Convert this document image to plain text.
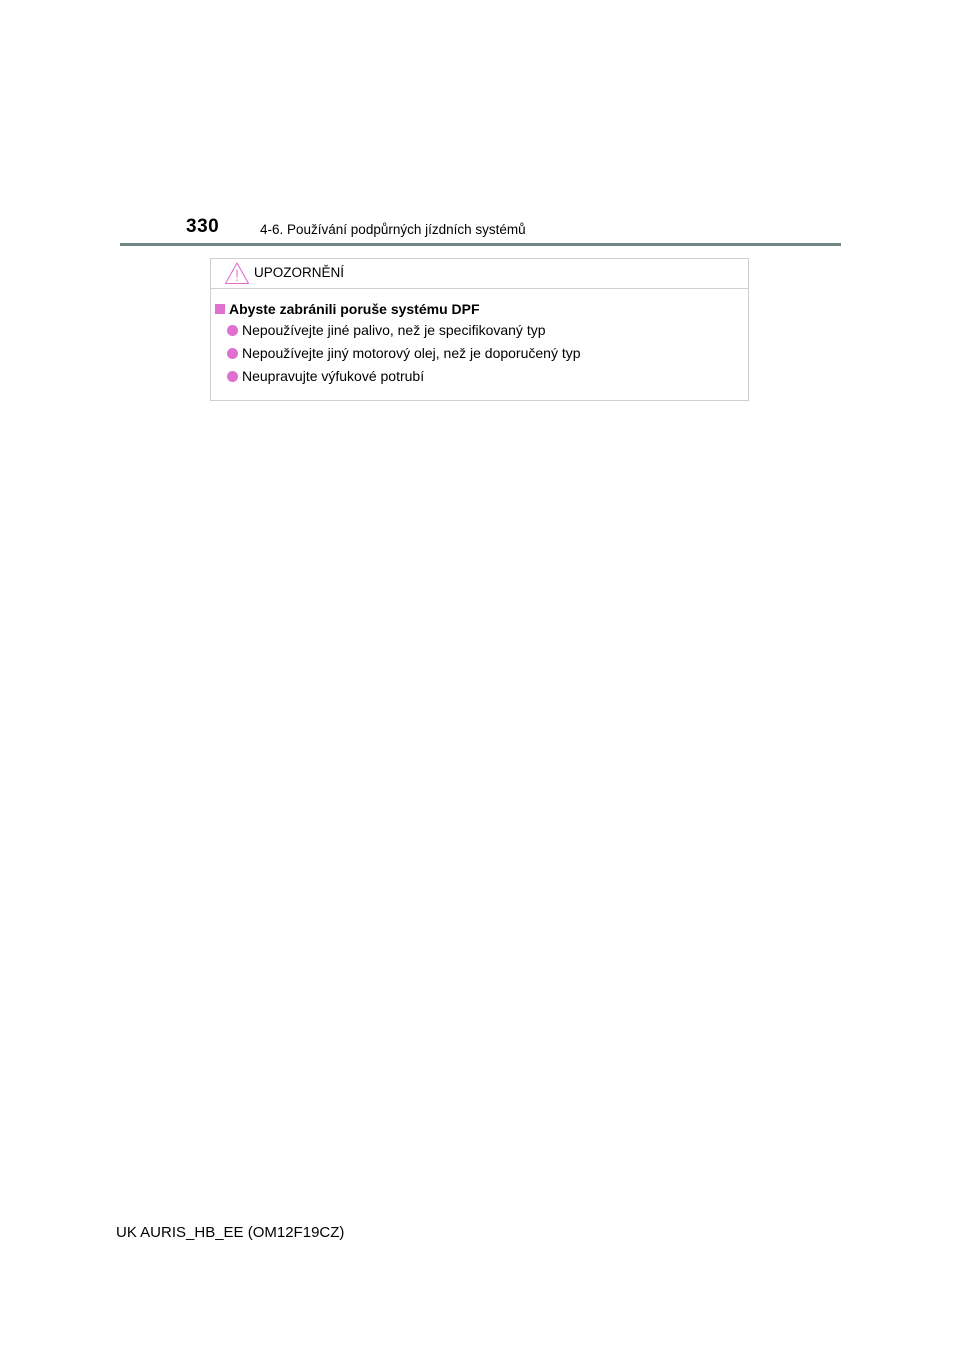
330	4-6. Používání podpůrných jízdních systémů
UPOZORNĚNÍ
Abyste zabránili poruše systému DPF
Nepoužívejte jiné palivo, než je specifikovaný typ
Nepoužívejte jiný motorový olej, než je doporučený typ
Neupravujte výfukové potrubí
UK AURIS_HB_EE (OM12F19CZ)
